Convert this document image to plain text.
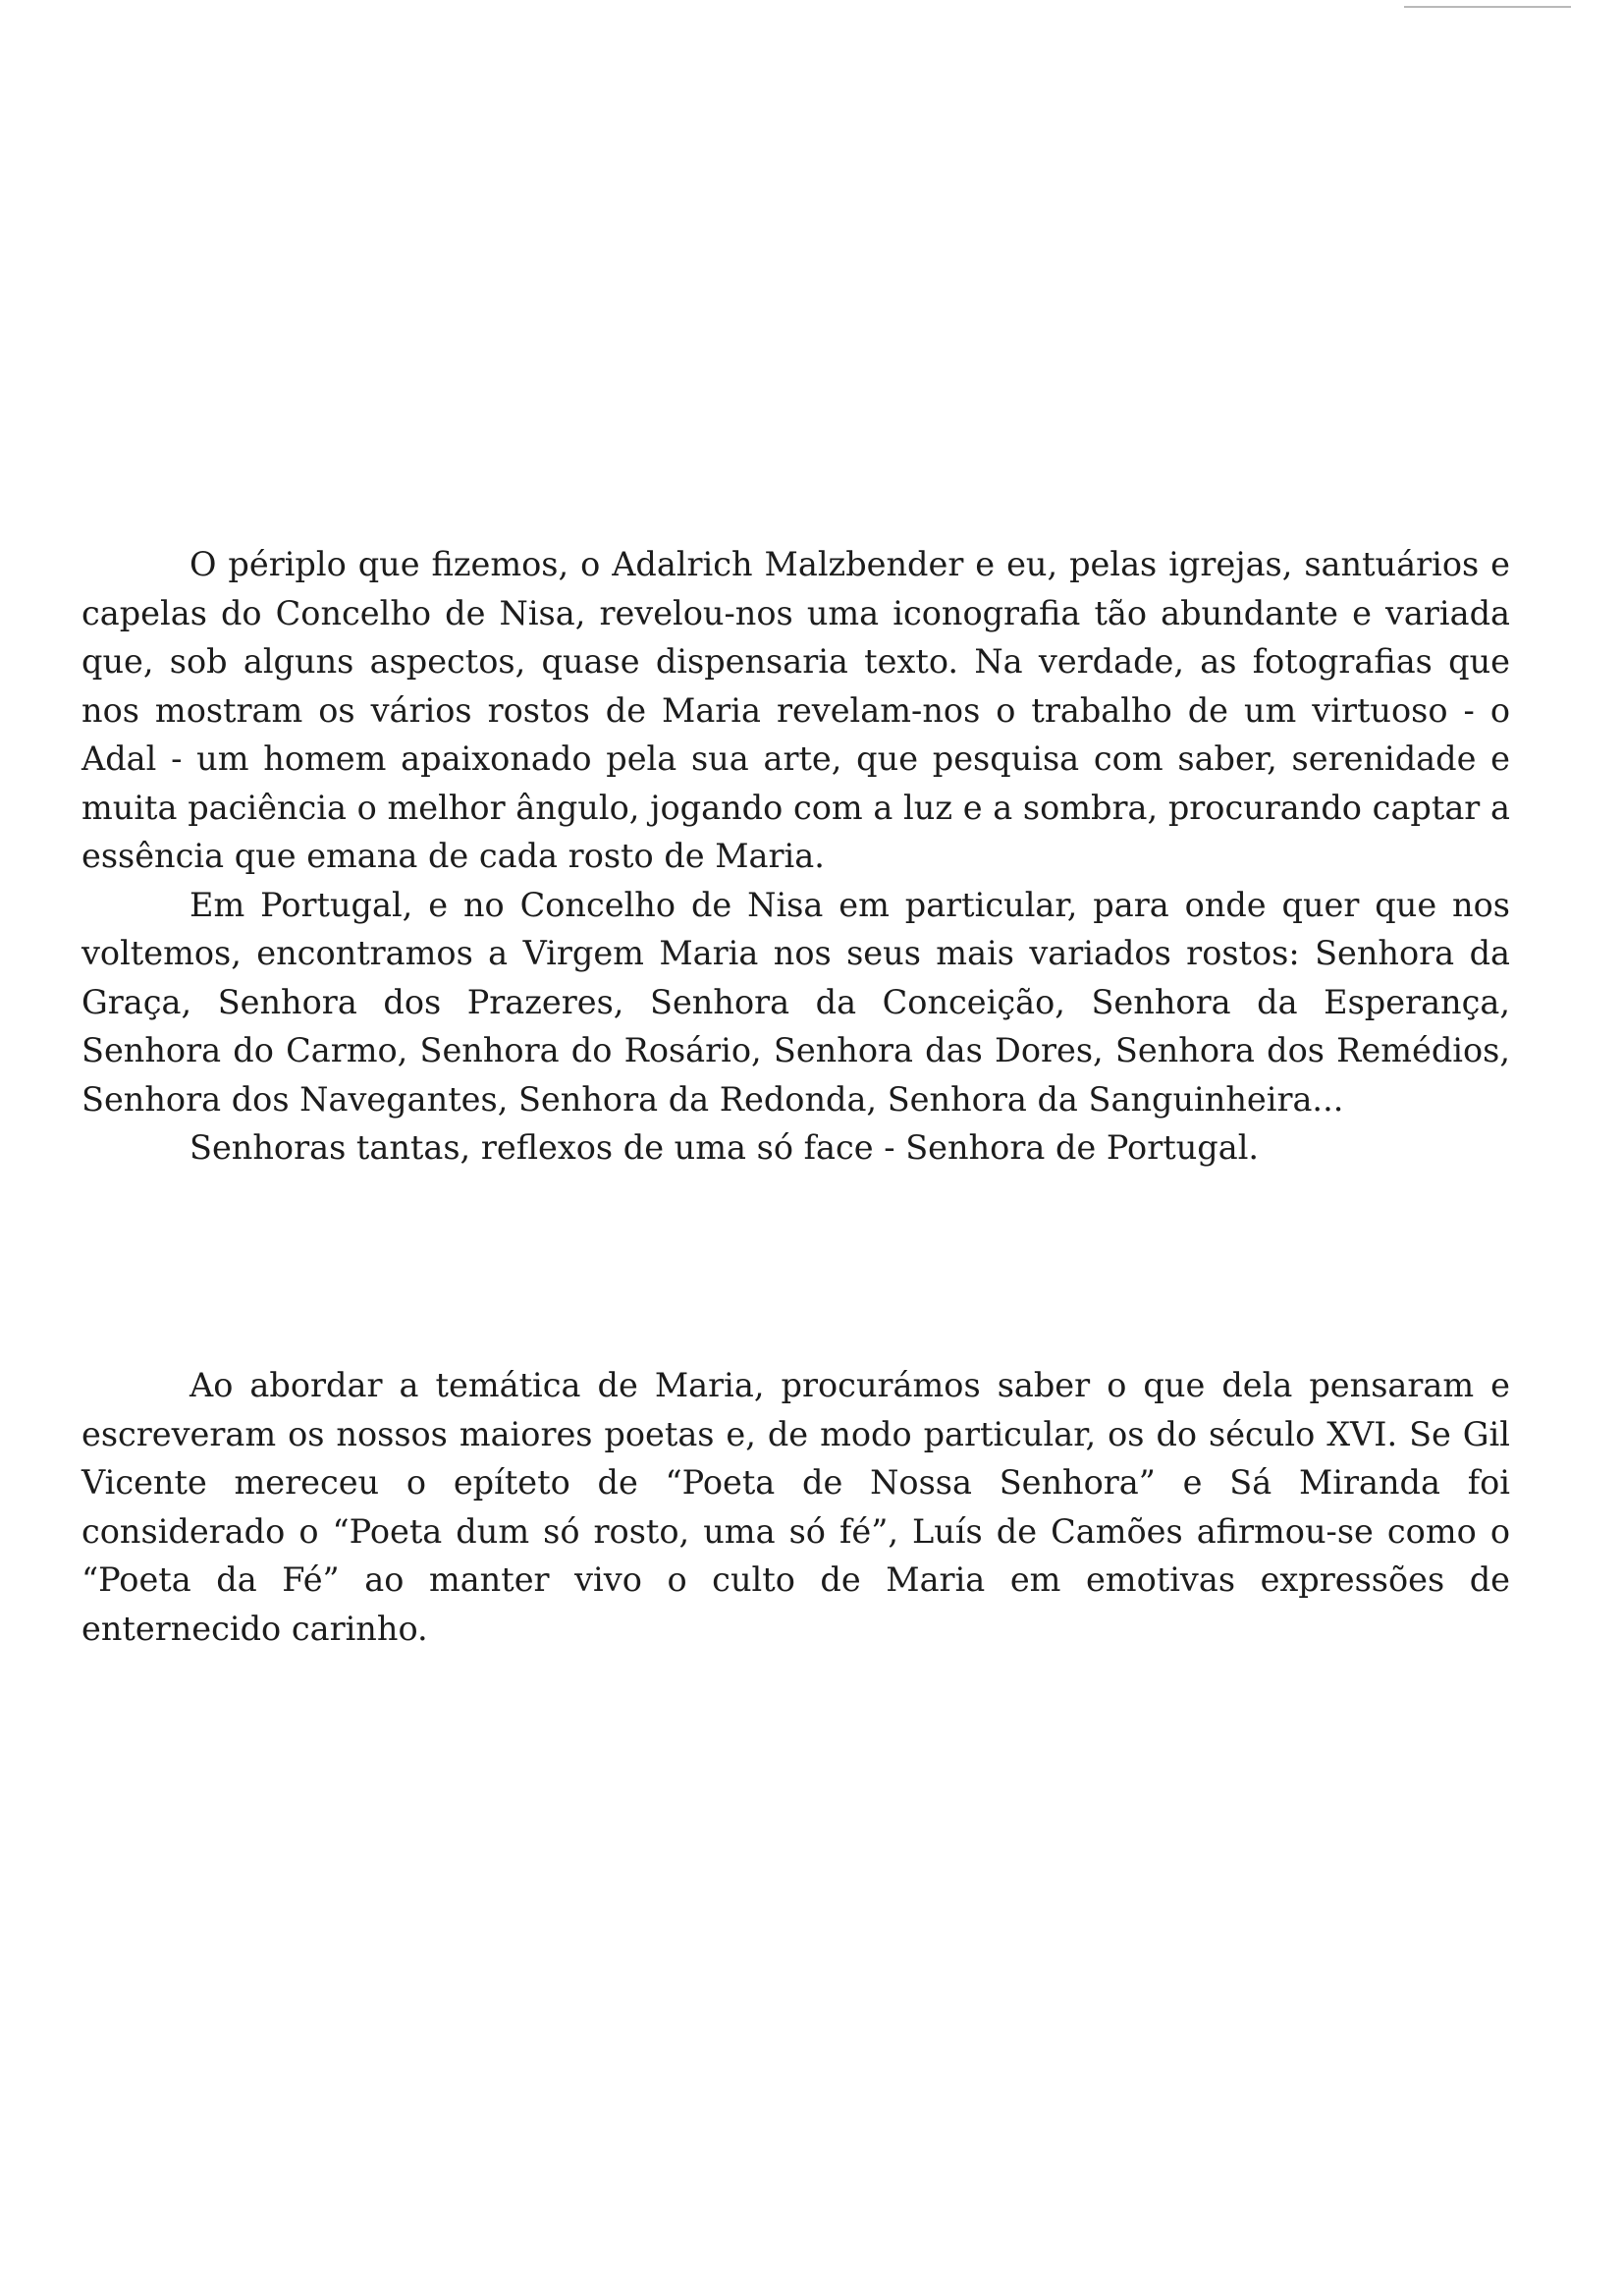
O périplo que fizemos, o Adalrich Malzbender e eu, pelas igrejas, santuários e capelas do Concelho de Nisa, revelou-nos uma iconografia tão abundante e variada que, sob alguns aspectos, quase dispensaria texto. Na verdade, as fotografias que nos mostram os vários rostos de Maria revelam-nos o trabalho de um virtuoso - o Adal - um homem apaixonado pela sua arte, que pesquisa com saber, serenidade e muita paciência o melhor ângulo, jogando com a luz e a sombra, procurando captar a essência que emana de cada rosto de Maria.

Em Portugal, e no Concelho de Nisa em particular, para onde quer que nos voltemos, encontramos a Virgem Maria nos seus mais variados rostos: Senhora da Graça, Senhora dos Prazeres, Senhora da Conceição, Senhora da Esperança, Senhora do Carmo, Senhora do Rosário, Senhora das Dores, Senhora dos Remédios, Senhora dos Navegantes, Senhora da Redonda, Senhora da Sanguinheira...

Senhoras tantas, reflexos de uma só face - Senhora de Portugal.

Ao abordar a temática de Maria, procurámos saber o que dela pensaram e escreveram os nossos maiores poetas e, de modo particular, os do século XVI. Se Gil Vicente mereceu o epíteto de “Poeta de Nossa Senhora” e Sá Miranda foi considerado o “Poeta dum só rosto, uma só fé”, Luís de Camões afirmou-se como o “Poeta da Fé” ao manter vivo o culto de Maria em emotivas expressões de enternecido carinho.
